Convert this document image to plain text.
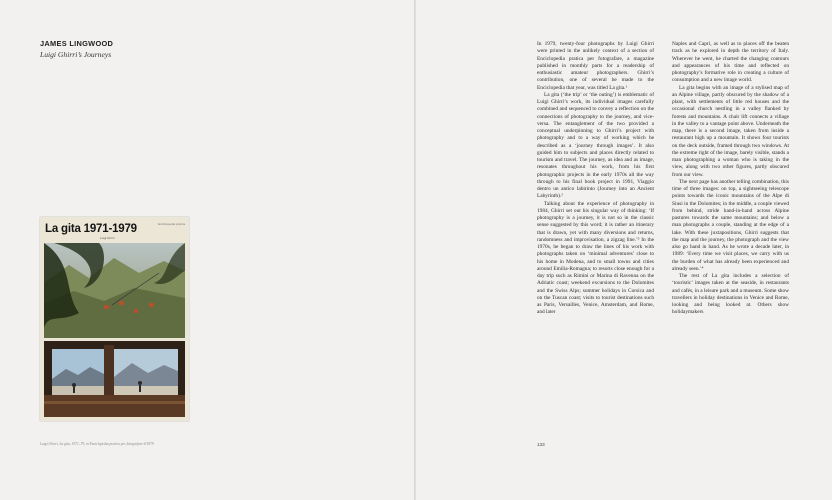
JAMES LINGWOOD
Luigi Ghirri’s Journeys
La gita 1971-1979	Enciclopedia pratica
Luigi Ghirri
Luigi Ghirri, La gita, 1971–79, in Enciclopedia pratica per fotografare 6/1979

In 1979, twenty-four photographs by Luigi Ghirri were printed in the unlikely context of a section of Enciclopedia pratica per fotografare, a magazine published in monthly parts for a readership of enthusiastic amateur photographers. Ghirri’s contribution, one of several he made to the Enciclopedia that year, was titled La gita.¹

La gita (‘the trip’ or ‘the outing’) is emblematic of Luigi Ghirri’s work, its individual images carefully combined and sequenced to convey a reflection on the connections of photography to the journey, and vice-versa. The entanglement of the two provided a conceptual underpinning to Ghirri’s project with photography and to a way of working which he described as a ‘journey through images’. It also guided him to subjects and places directly related to tourism and travel. The journey, as idea and as image, resonates throughout his work, from his first photographic projects in the early 1970s all the way through to his final book project in 1991, Viaggio dentro un antico labirinto (Journey into an Ancient Labyrinth).²

Talking about the experience of photography in 1984, Ghirri set out his singular way of thinking: ‘If photography is a journey, it is not so in the classic sense suggested by this word; it is rather an itinerary that is drawn, yet with many diversions and returns, randomness and improvisation, a zigzag line.’³ In the 1970s, he began to draw the lines of his work with photographs taken on ‘minimal adventures’ close to his home in Modena, and to small towns and cities around Emilia-Romagna; to resorts close enough for a day trip such as Rimini or Marina di Ravenna on the Adriatic coast; weekend excursions to the Dolomites and the Swiss Alps; summer holidays in Corsica and on the Tuscan coast; visits to tourist destinations such as Paris, Versailles, Venice, Amsterdam, and Rome, and later

Naples and Capri, as well as to places off the beaten track as he explored in depth the territory of Italy. Wherever he went, he charted the changing contours and appearances of his time and reflected on photography’s formative role in creating a culture of consumption and a new image world.

La gita begins with an image of a stylised map of an Alpine village, partly obscured by the shadow of a plant, with settlements of little red houses and the occasional church nestling in a valley flanked by forests and mountains. A chair lift connects a village in the valley to a vantage point above. Underneath the map, there is a second image, taken from inside a restaurant high up a mountain. It shows four tourists on the deck outside, framed through two windows. At the extreme right of the image, barely visible, stands a man photographing a woman who is taking in the view, along with two other figures, partly obscured from our view.

The next page has another telling combination, this time of three images: on top, a sightseeing telescope points towards the iconic mountains of the Alpe di Siusi in the Dolomites; in the middle, a couple viewed from behind, stride hand-in-hand across Alpine pastures towards the same mountains; and below a man photographs a couple, standing at the edge of a lake. With these juxtapositions, Ghirri suggests that the map and the journey, the photograph and the view also go hand in hand. As he wrote a decade later, in 1989: ‘Every time we visit places, we carry with us the burden of what has already been experienced and already seen.’⁴

The rest of La gita includes a selection of ‘touristic’ images taken at the seaside, in restaurants and cafés, in a leisure park and a museum. Some show travellers in holiday destinations in Venice and Rome, looking and being looked at. Others show holidaymakers

133
